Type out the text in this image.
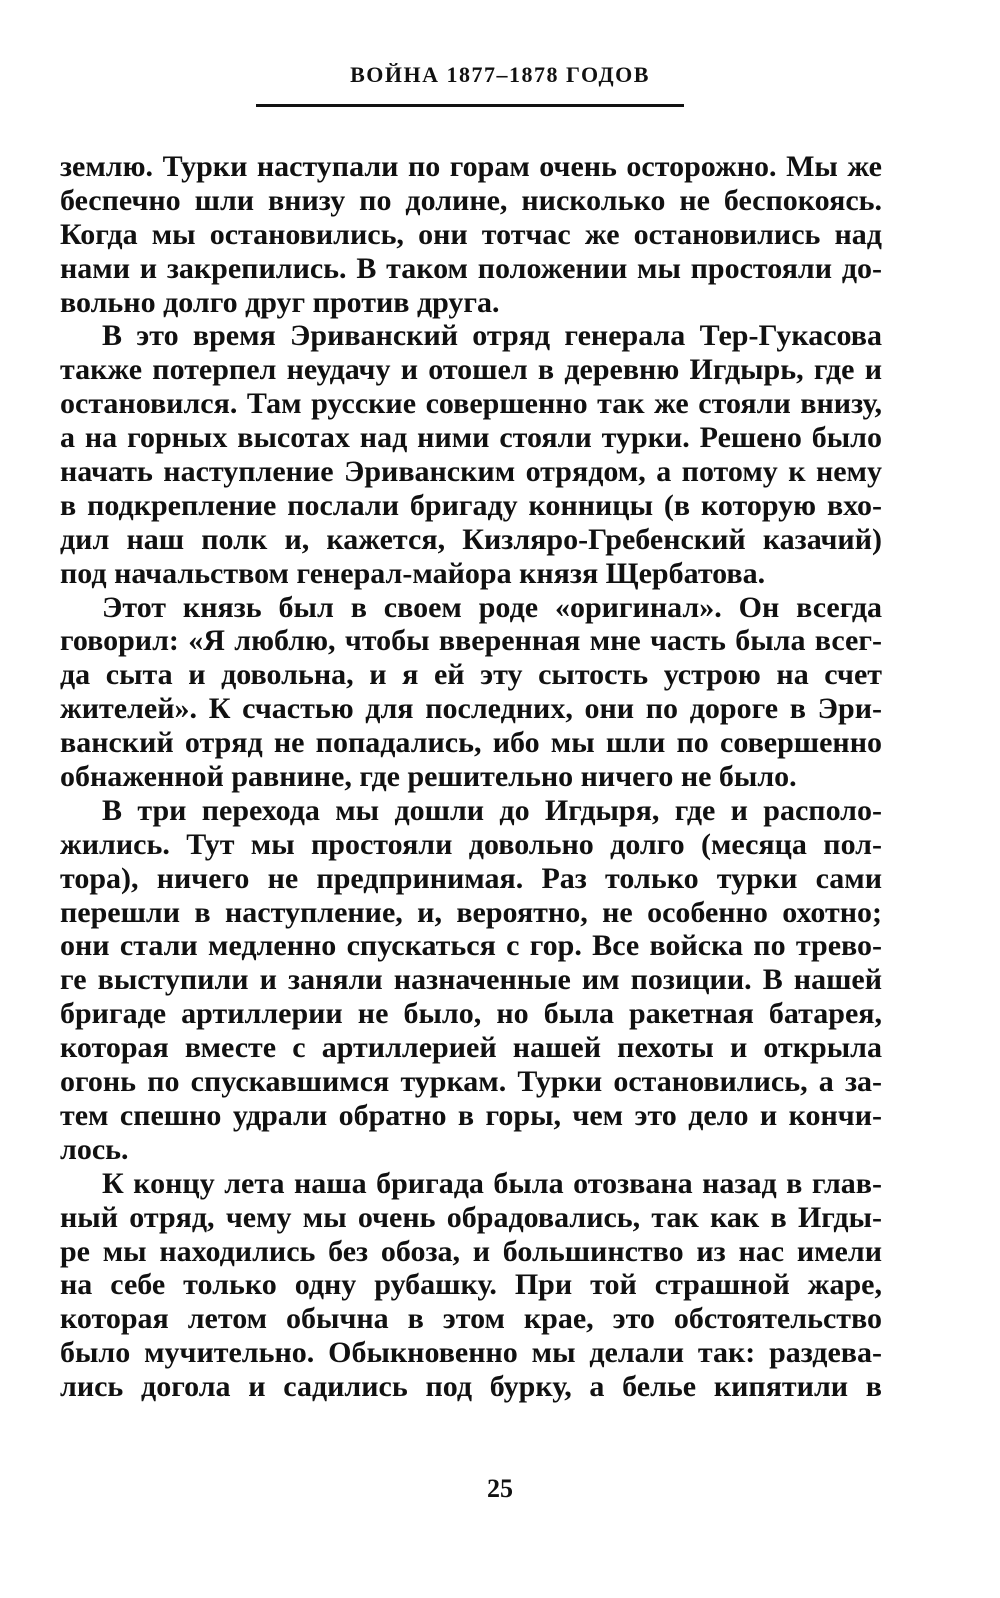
ВОЙНА 1877–1878 ГОДОВ
землю. Турки наступали по горам очень осторожно. Мы же
беспечно шли внизу по долине, нисколько не беспокоясь.
Когда мы остановились, они тотчас же остановились над
нами и закрепились. В таком положении мы простояли до-
вольно долго друг против друга.
В это время Эриванский отряд генерала Тер-Гукасова
также потерпел неудачу и отошел в деревню Игдырь, где и
остановился. Там русские совершенно так же стояли внизу,
а на горных высотах над ними стояли турки. Решено было
начать наступление Эриванским отрядом, а потому к нему
в подкрепление послали бригаду конницы (в которую вхо-
дил наш полк и, кажется, Кизляро-Гребенский казачий)
под начальством генерал-майора князя Щербатова.
Этот князь был в своем роде «оригинал». Он всегда
говорил: «Я люблю, чтобы вверенная мне часть была всег-
да сыта и довольна, и я ей эту сытость устрою на счет
жителей». К счастью для последних, они по дороге в Эри-
ванский отряд не попадались, ибо мы шли по совершенно
обнаженной равнине, где решительно ничего не было.
В три перехода мы дошли до Игдыря, где и располо-
жились. Тут мы простояли довольно долго (месяца пол-
тора), ничего не предпринимая. Раз только турки сами
перешли в наступление, и, вероятно, не особенно охотно;
они стали медленно спускаться с гор. Все войска по трево-
ге выступили и заняли назначенные им позиции. В нашей
бригаде артиллерии не было, но была ракетная батарея,
которая вместе с артиллерией нашей пехоты и открыла
огонь по спускавшимся туркам. Турки остановились, а за-
тем спешно удрали обратно в горы, чем это дело и кончи-
лось.
К концу лета наша бригада была отозвана назад в глав-
ный отряд, чему мы очень обрадовались, так как в Игды-
ре мы находились без обоза, и большинство из нас имели
на себе только одну рубашку. При той страшной жаре,
которая летом обычна в этом крае, это обстоятельство
было мучительно. Обыкновенно мы делали так: раздева-
лись догола и садились под бурку, а белье кипятили в
25
